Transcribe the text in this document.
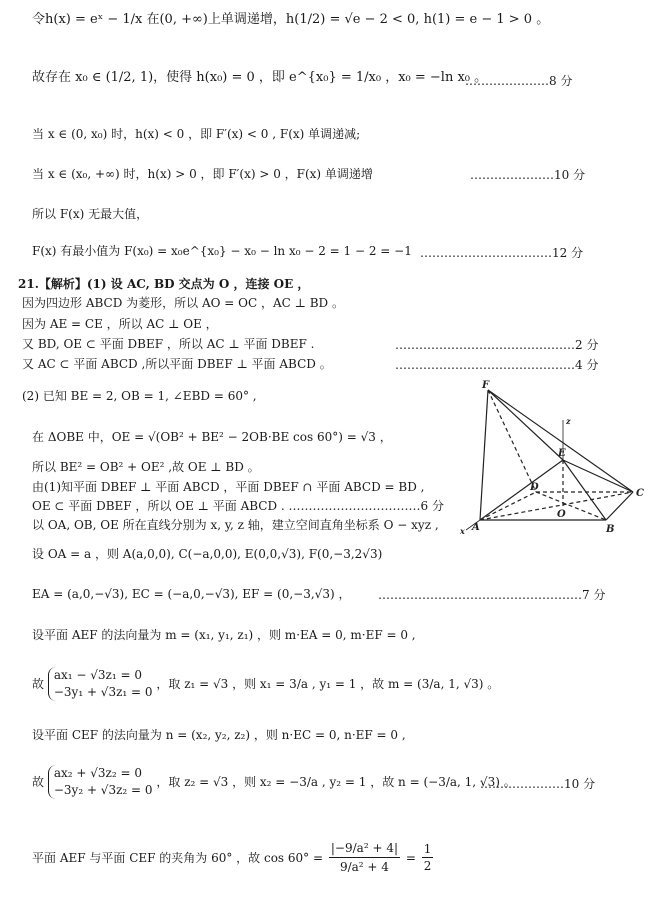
令h(x) = eˣ − 1/x 在(0, +∞)上单调递增，h(1/2) = √e − 2 < 0, h(1) = e − 1 > 0 。
故存在 x₀ ∈ (1/2, 1)，使得 h(x₀) = 0 ，即 e^{x₀} = 1/x₀ ，x₀ = −ln x₀ 。
…………………8 分
当 x ∈ (0, x₀) 时，h(x) < 0 ，即 F′(x) < 0 , F(x) 单调递减;
当 x ∈ (x₀, +∞) 时，h(x) > 0 ，即 F′(x) > 0 ，F(x) 单调递增	…………………10 分
所以 F(x) 无最大值，
F(x) 有最小值为 F(x₀) = x₀e^{x₀} − x₀ − ln x₀ − 2 = 1 − 2 = −1 ……………………………12 分
21.【解析】(1) 设 AC, BD 交点为 O ，连接 OE ，
因为四边形 ABCD 为菱形，所以 AO = OC ，AC ⊥ BD 。
因为 AE = CE ，所以 AC ⊥ OE ，
又 BD, OE ⊂ 平面 DBEF ，所以 AC ⊥ 平面 DBEF .	………………………………………2 分
又 AC ⊂ 平面 ABCD ,所以平面 DBEF ⊥ 平面 ABCD 。	………………………………………4 分
(2) 已知 BE = 2, OB = 1, ∠EBD = 60° ,
在 ΔOBE 中，OE = √(OB² + BE² − 2OB·BE cos 60°) = √3 ，
所以 BE² = OB² + OE² ,故 OE ⊥ BD 。
由(1)知平面 DBEF ⊥ 平面 ABCD ，平面 DBEF ∩ 平面 ABCD = BD ,
OE ⊂ 平面 DBEF ，所以 OE ⊥ 平面 ABCD . ……………………………6 分
以 OA, OB, OE 所在直线分别为 x, y, z 轴，建立空间直角坐标系 O − xyz ,
设 OA = a ，则 A(a,0,0), C(−a,0,0), E(0,0,√3), F(0,−3,2√3)
EA = (a,0,−√3), EC = (−a,0,−√3), EF = (0,−3,√3) ，	……………………………………………7 分
设平面 AEF 的法向量为 m = (x₁, y₁, z₁) ，则 m·EA = 0, m·EF = 0 ,
故
ax₁ − √3z₁ = 0
−3y₁ + √3z₁ = 0
，取 z₁ = √3 ，则 x₁ = 3/a , y₁ = 1 ，故 m = (3/a, 1, √3) 。
设平面 CEF 的法向量为 n = (x₂, y₂, z₂) ，则 n·EC = 0, n·EF = 0 ,
故
ax₂ + √3z₂ = 0
−3y₂ + √3z₂ = 0
，取 z₂ = √3 ，则 x₂ = −3/a , y₂ = 1 ，故 n = (−3/a, 1, √3) 。
…………………10 分
平面 AEF 与平面 CEF 的夹角为 60° ，故 $\cos 60^\circ = \frac{\text{|−9/a² + 4|}}{\text{9/a² + 4}} = \frac{1}{2}$
F
E
D
O
B
A
C
z
x
